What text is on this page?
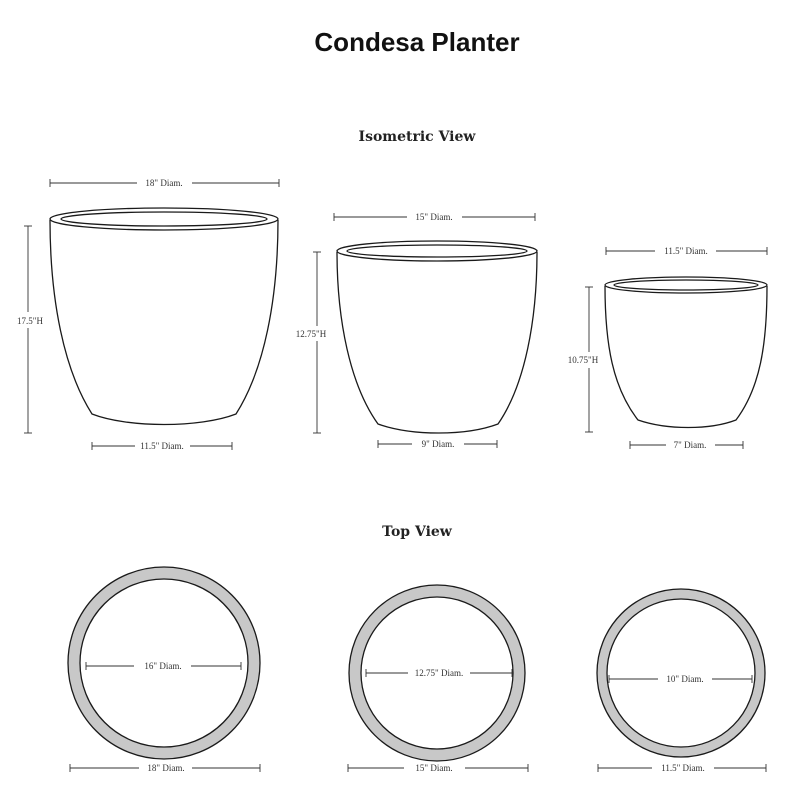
Condesa Planter
Isometric View
Top View
18" Diam.
17.5"H
11.5" Diam.
15" Diam.
12.75"H
9" Diam.
11.5" Diam.
10.75"H
7" Diam.
16" Diam.
18" Diam.
12.75" Diam.
15" Diam.
10" Diam.
11.5" Diam.
